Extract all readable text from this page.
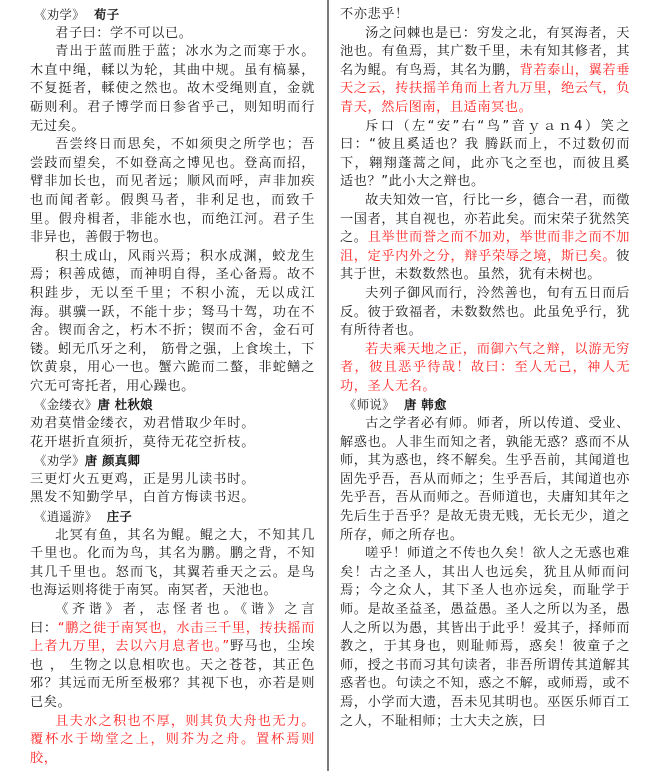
《劝学》 荀子

君子曰：学不可以已。

青出于蓝而胜于蓝；冰水为之而寒于水。木直中绳，輮以为轮，其曲中规。虽有槁暴，不复挺者，輮使之然也。故木受绳则直，金就砺则利。君子博学而日参省乎己，则知明而行无过矣。

吾尝终日而思矣，不如须臾之所学也；吾尝跂而望矣，不如登高之博见也。登高而招，臂非加长也，而见者远；顺风而呼，声非加疾也而闻者彰。假舆马者，非利足也，而致千里。假舟楫者，非能水也，而绝江河。君子生非异也，善假于物也。

积土成山，风雨兴焉；积水成渊，蛟龙生焉；积善成德，而神明自得，圣心备焉。故不积跬步，无以至千里；不积小流，无以成江海。骐骥一跃，不能十步；驽马十驾，功在不舍。锲而舍之，朽木不折；锲而不舍，金石可镂。蚓无爪牙之利， 筋骨之强，上食埃土，下饮黄泉，用心一也。蟹六跪而二螯，非蛇鳝之穴无可寄托者，用心躁也。

《金缕衣》唐 杜秋娘

劝君莫惜金缕衣，劝君惜取少年时。

花开堪折直须折，莫待无花空折枝。

《劝学》唐 颜真卿

三更灯火五更鸡，正是男儿读书时。

黑发不知勤学早，白首方悔读书迟。

《逍遥游》 庄子

北冥有鱼，其名为鲲。鲲之大，不知其几千里也。化而为鸟，其名为鹏。鹏之背，不知其几千里也。怒而飞，其翼若垂天之云。是鸟也海运则将徙于南冥。南冥者，天池也。

《齐谐》者，志怪者也。《谐》之言曰：“鹏之徙于南冥也，水击三千里，抟扶摇而上者九万里，去以六月息者也。”野马也，尘埃也 ， 生物之以息相吹也。天之苍苍，其正色邪？其远而无所至极邪？其视下也，亦若是则已矣。

且夫水之积也不厚，则其负大舟也无力。覆杯水于坳堂之上，则芥为之舟。置杯焉则胶，

不亦悲乎！

汤之问棘也是已：穷发之北，有冥海者，天池也。有鱼焉，其广数千里，未有知其修者，其名为鲲。有鸟焉，其名为鹏，背若泰山，翼若垂天之云，抟扶摇羊角而上者九万里，绝云气，负青天，然后图南，且适南冥也。

斥口（左“安”右“鸟”音ｙａｎ4）笑之曰：“彼且奚适也？我 腾跃而上，不过数仞而下，翱翔蓬蒿之间，此亦飞之至也，而彼且奚 适也？”此小大之辩也。

故夫知效一官，行比一乡，德合一君，而徵一国者，其自视也，亦若此矣。而宋荣子犹然笑之。且举世而誉之而不加劝，举世而非之而不加沮，定乎内外之分，辩乎荣辱之境，斯已矣。彼其于世，未数数然也。虽然，犹有未树也。

夫列子御风而行，泠然善也，旬有五日而后反。彼于致福者，未数数然也。此虽免乎行，犹有所待者也。

若夫乘天地之正，而御六气之辩，以游无穷者，彼且恶乎待哉！故曰：至人无己，神人无功，圣人无名。

《师说》 唐 韩愈

古之学者必有师。师者，所以传道、受业、解惑也。人非生而知之者，孰能无惑？惑而不从师，其为惑也，终不解矣。生乎吾前，其闻道也固先乎吾，吾从而师之；生乎吾后，其闻道也亦先乎吾，吾从而师之。吾师道也，夫庸知其年之先后生于吾乎？是故无贵无贱，无长无少，道之所存，师之所存也。

嗟乎！师道之不传也久矣！欲人之无惑也难矣！古之圣人，其出人也远矣，犹且从师而问焉；今之众人，其下圣人也亦远矣，而耻学于师。是故圣益圣，愚益愚。圣人之所以为圣，愚人之所以为愚，其皆出于此乎！爱其子，择师而教之，于其身也，则耻师焉，惑矣！彼童子之师，授之书而习其句读者，非吾所谓传其道解其惑者也。句读之不知，惑之不解，或师焉，或不焉，小学而大遗，吾未见其明也。巫医乐师百工之人，不耻相师；士大夫之族，曰
